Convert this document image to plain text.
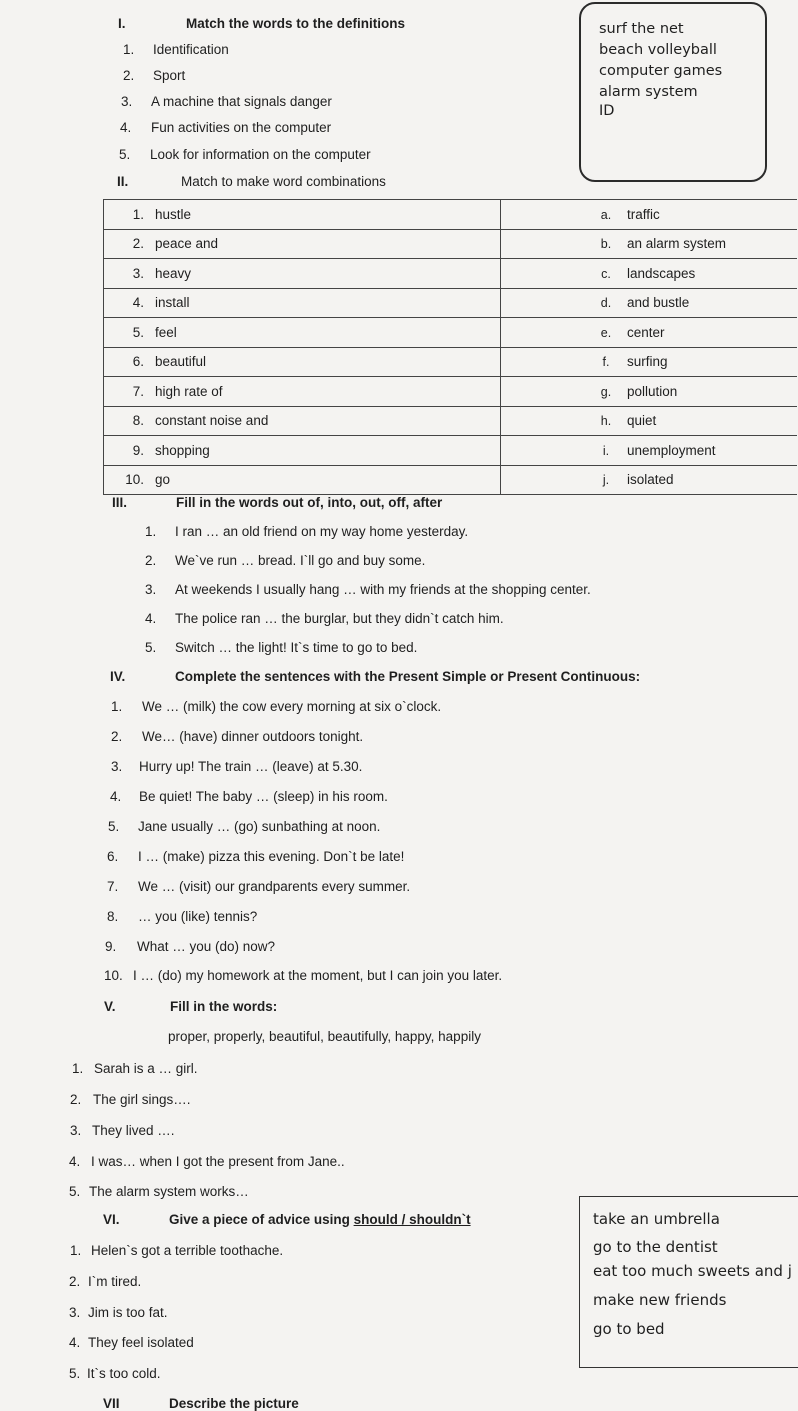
I.	Match the words to the definitions
1. Identification
2. Sport
3. A machine that signals danger
4. Fun activities on the computer
5. Look for information on the computer
surf the net
beach volleyball
computer games
alarm system
ID
II.	Match to make word combinations
1. hustle	a. traffic
2. peace and	b. an alarm system
3. heavy	c. landscapes
4. install	d. and bustle
5. feel	e. center
6. beautiful	f. surfing
7. high rate of	g. pollution
8. constant noise and	h. quiet
9. shopping	i. unemployment
10. go	j. isolated
III.	Fill in the words out of, into, out, off, after
1. I ran … an old friend on my way home yesterday.
2. We`ve run … bread. I`ll go and buy some.
3. At weekends I usually hang … with my friends at the shopping center.
4. The police ran … the burglar, but they didn`t catch him.
5. Switch … the light! It`s time to go to bed.
IV.	Complete the sentences with the Present Simple or Present Continuous:
1. We … (milk) the cow every morning at six o`clock.
2. We… (have) dinner outdoors tonight.
3. Hurry up! The train … (leave) at 5.30.
4. Be quiet! The baby … (sleep) in his room.
5. Jane usually … (go) sunbathing at noon.
6. I … (make) pizza this evening. Don`t be late!
7. We … (visit) our grandparents every summer.
8. … you (like) tennis?
9. What … you (do) now?
10. I … (do) my homework at the moment, but I can join you later.
V.	Fill in the words:
proper, properly, beautiful, beautifully, happy, happily
1. Sarah is a … girl.
2. The girl sings….
3. They lived ….
4. I was… when I got the present from Jane..
5. The alarm system works…
VI.	Give a piece of advice using should / shouldn`t
1. Helen`s got a terrible toothache.
2. I`m tired.
3. Jim is too fat.
4. They feel isolated
5. It`s too cold.
take an umbrella
go to the dentist
eat too much sweets and j
make new friends
go to bed
VII	Describe the picture
